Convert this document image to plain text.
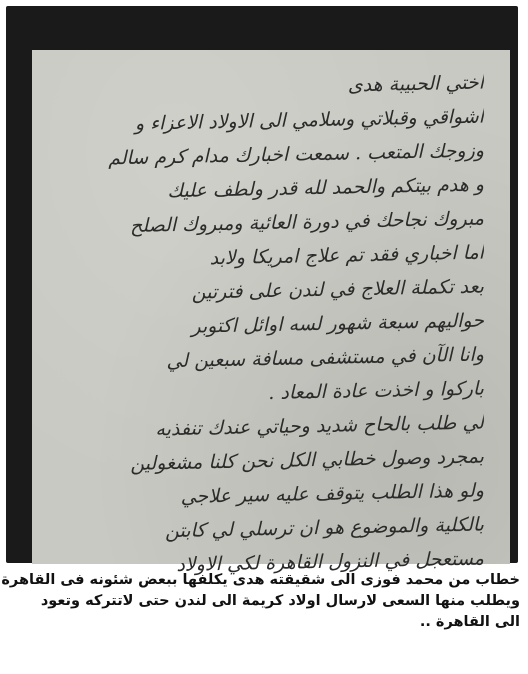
اختي الحبيبة هدى
اشواقي وقبلاتي وسلامي الى الاولاد الاعزاء و
وزوجك المتعب . سمعت اخبارك مدام كرم سالم
و هدم بيتكم والحمد لله قدر ولطف عليك
مبروك نجاحك في دورة العائية ومبروك الصلح
اما اخباري فقد تم علاج امريكا ولابد
بعد تكملة العلاج في لندن على فترتين
حواليهم سبعة شهور لسه اوائل اكتوبر
وانا الآن في مستشفى مسافة سبعين لي
باركوا و اخذت عادة المعاد .
لي طلب بالحاح شديد وحياتي عندك تنفذيه
بمجرد وصول خطابي الكل نحن كلنا مشغولين
ولو هذا الطلب يتوقف عليه سير علاجي
بالكلية والموضوع هو ان ترسلي لي كابتن
مستعجل في النزول القاهرة لكي الاولاد
خطاب من محمد فوزى الى شقيقته هدى يكلفها ببعض شئونه فى القاهرة
ويطلب منها السعى لارسال اولاد كريمة الى لندن حتى لاتتركه وتعود
الى القاهرة ..
